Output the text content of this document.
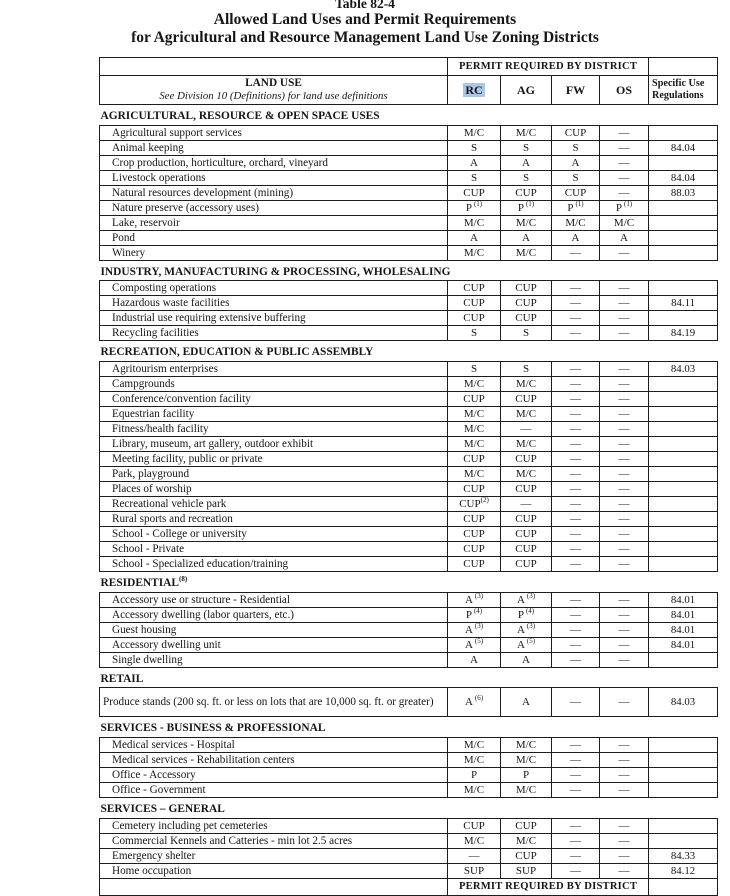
Table 82-4
Allowed Land Uses and Permit Requirements
for Agricultural and Resource Management Land Use Zoning Districts
	PERMIT REQUIRED BY DISTRICT				

LAND USE
See Division 10 (Definitions) for land use definitions	RC	AG	FW	OS	Specific Use
Regulations

AGRICULTURAL, RESOURCE & OPEN SPACE USES					
Agricultural support services	M/C	M/C	CUP	—	
Animal keeping	S	S	S	—	84.04
Crop production, horticulture, orchard, vineyard	A	A	A	—	
Livestock operations	S	S	S	—	84.04
Natural resources development (mining)	CUP	CUP	CUP	—	88.03
Nature preserve (accessory uses)	P $^{(1)}$	P $^{(1)}$	P $^{(1)}$	P $^{(1)}$	
Lake, reservoir	M/C	M/C	M/C	M/C	
Pond	A	A	A	A	
Winery	M/C	M/C	—	—	

INDUSTRY, MANUFACTURING & PROCESSING, WHOLESALING					
Composting operations	CUP	CUP	—	—	
Hazardous waste facilities	CUP	CUP	—	—	84.11
Industrial use requiring extensive buffering	CUP	CUP	—	—	
Recycling facilities	S	S	—	—	84.19

RECREATION, EDUCATION & PUBLIC ASSEMBLY					
Agritourism enterprises	S	S	—	—	84.03
Campgrounds	M/C	M/C	—	—	
Conference/convention facility	CUP	CUP	—	—	
Equestrian facility	M/C	M/C	—	—	
Fitness/health facility	M/C	—	—	—	
Library, museum, art gallery, outdoor exhibit	M/C	M/C	—	—	
Meeting facility, public or private	CUP	CUP	—	—	
Park, playground	M/C	M/C	—	—	
Places of worship	CUP	CUP	—	—	
Recreational vehicle park	CUP$^{(2)}$	—	—	—	
Rural sports and recreation	CUP	CUP	—	—	
School - College or university	CUP	CUP	—	—	
School - Private	CUP	CUP	—	—	
School - Specialized education/training	CUP	CUP	—	—	

RESIDENTIAL$^{(8)}$
Accessory use or structure - Residential	A $^{(3)}$	A $^{(3)}$	—	—	84.01
Accessory dwelling (labor quarters, etc.)	P $^{(4)}$	P $^{(4)}$	—	—	84.01
Guest housing	A $^{(3)}$	A $^{(3)}$	—	—	84.01
Accessory dwelling unit	A $^{(5)}$	A $^{(5)}$	—	—	84.01
Single dwelling	A	A	—	—	

RETAIL					
Produce stands (200 sq. ft. or less on lots that are 10,000 sq. ft. or greater)	A $^{(6)}$	A	—	—	84.03

SERVICES - BUSINESS & PROFESSIONAL					
Medical services - Hospital	M/C	M/C	—	—	
Medical services - Rehabilitation centers	M/C	M/C	—	—	
Office - Accessory	P	P	—	—	
Office - Government	M/C	M/C	—	—	

SERVICES – GENERAL					
Cemetery including pet cemeteries	CUP	CUP	—	—	
Commercial Kennels and Catteries - min lot 2.5 acres	M/C	M/C	—	—	
Emergency shelter	—	CUP	—	—	84.33
Home occupation	SUP	SUP	—	—	84.12
	PERMIT REQUIRED BY DISTRICT				
